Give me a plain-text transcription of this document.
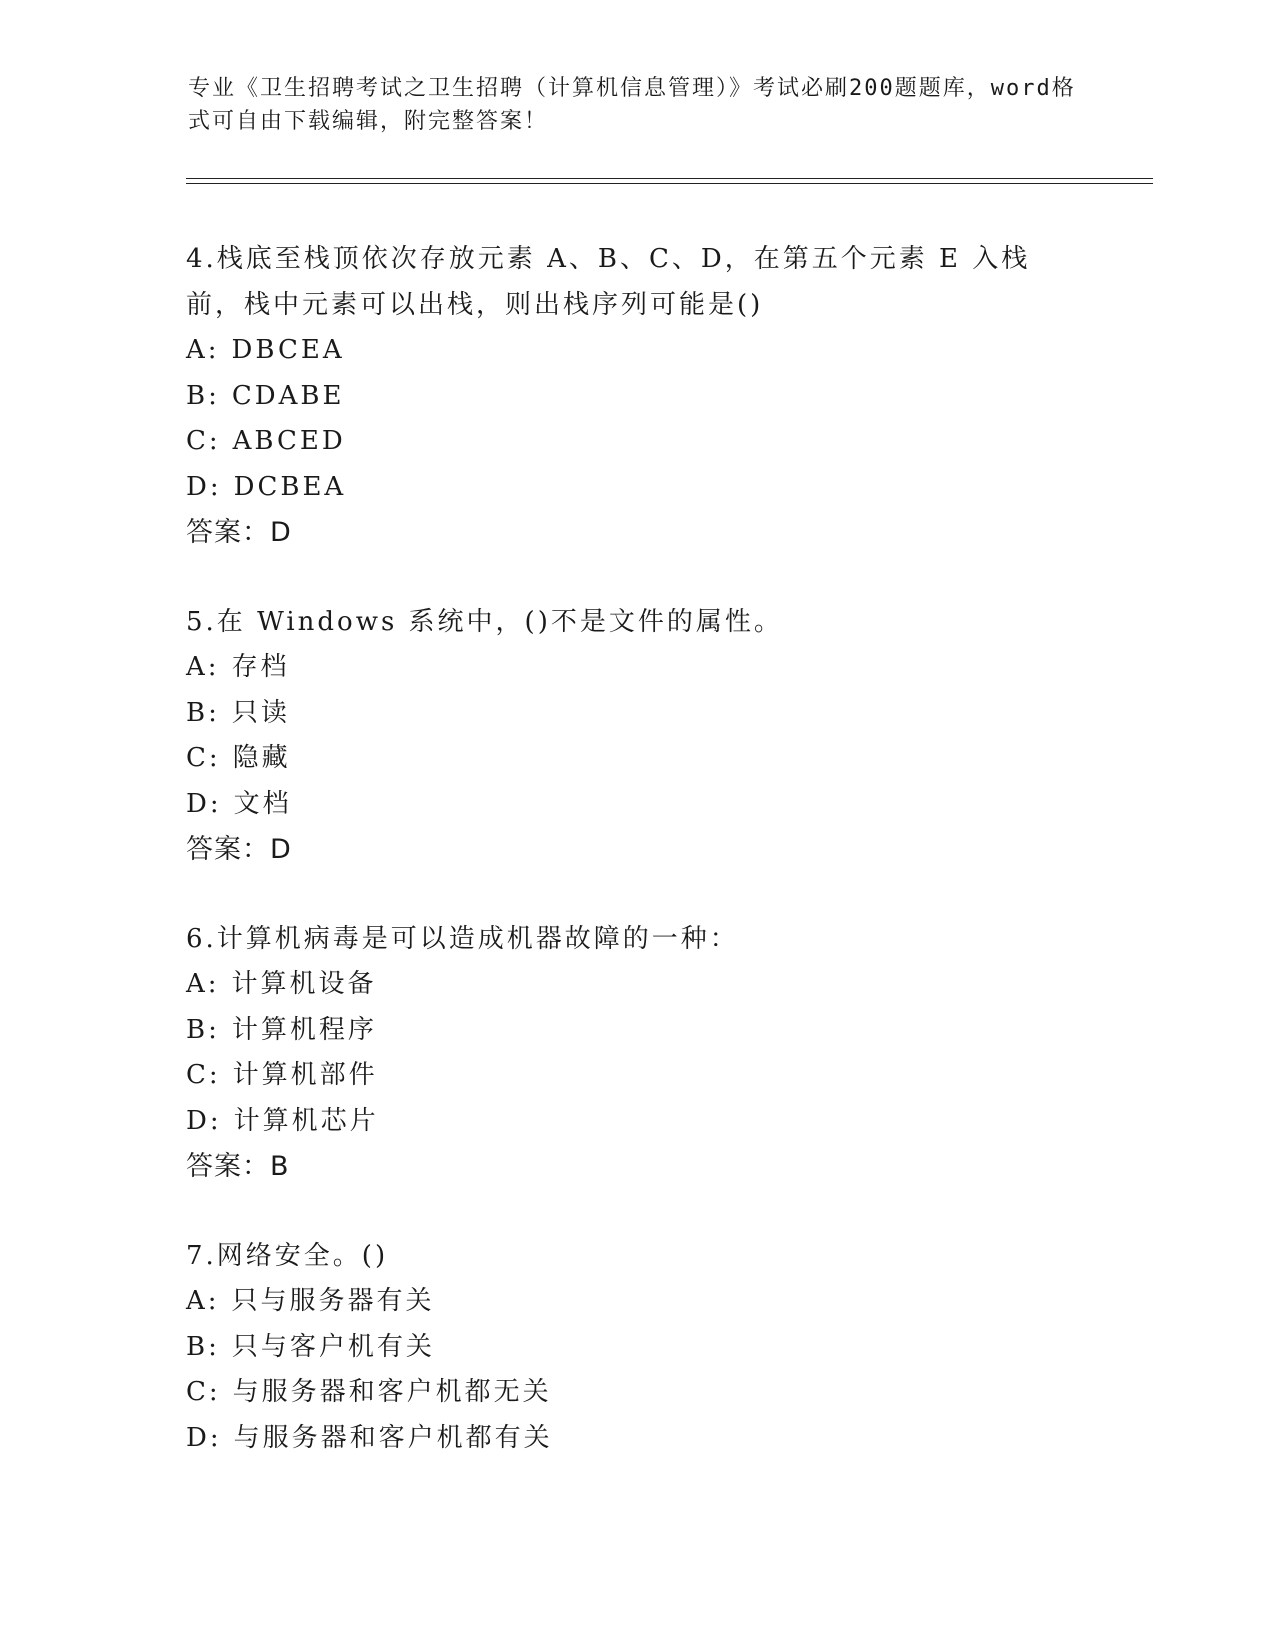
专业《卫生招聘考试之卫生招聘（计算机信息管理）》考试必刷200题题库，word格式可自由下载编辑，附完整答案！
4.栈底至栈顶依次存放元素 A、B、C、D，在第五个元素 E 入栈前，栈中元素可以出栈，则出栈序列可能是()
A: DBCEA
B: CDABE
C: ABCED
D: DCBEA
答案：D
5.在 Windows 系统中，()不是文件的属性。
A: 存档
B: 只读
C: 隐藏
D: 文档
答案：D
6.计算机病毒是可以造成机器故障的一种：
A: 计算机设备
B: 计算机程序
C: 计算机部件
D: 计算机芯片
答案：B
7.网络安全。()
A: 只与服务器有关
B: 只与客户机有关
C: 与服务器和客户机都无关
D: 与服务器和客户机都有关
